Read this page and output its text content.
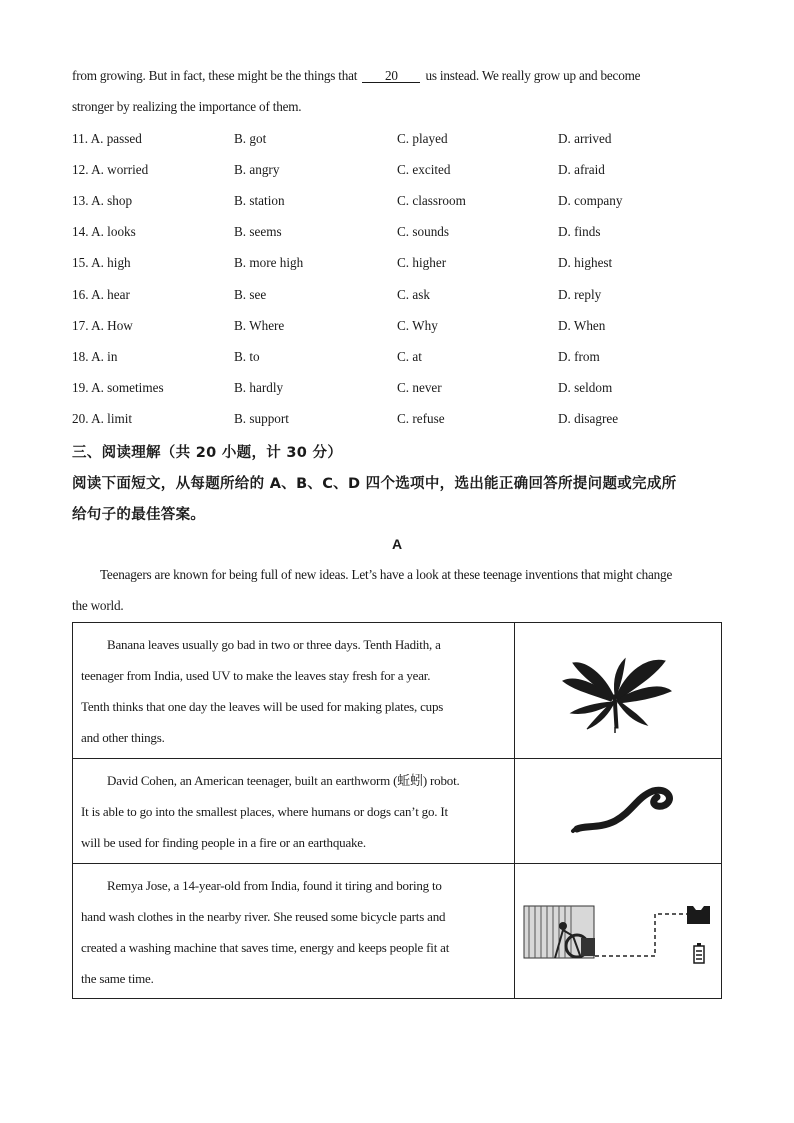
from growing. But in fact, these might be the things that 20 us instead. We really grow up and become
stronger by realizing the importance of them.
11. A. passed	B. got	C. played	D. arrived
12. A. worried	B. angry	C. excited	D. afraid
13. A. shop	B. station	C. classroom	D. company
14. A. looks	B. seems	C. sounds	D. finds
15. A. high	B. more high	C. higher	D. highest
16. A. hear	B. see	C. ask	D. reply
17. A. How	B. Where	C. Why	D. When
18. A. in	B. to	C. at	D. from
19. A. sometimes	B. hardly	C. never	D. seldom
20. A. limit	B. support	C. refuse	D. disagree
三、阅读理解（共 20 小题，计 30 分）
阅读下面短文，从每题所给的 A、B、C、D 四个选项中，选出能正确回答所提问题或完成所
给句子的最佳答案。
A
Teenagers are known for being full of new ideas. Let’s have a look at these teenage inventions that might change
the world.
Banana leaves usually go bad in two or three days. Tenth Hadith, a
teenager from India, used UV to make the leaves stay fresh for a year.
Tenth thinks that one day the leaves will be used for making plates, cups
and other things.

David Cohen, an American teenager, built an earthworm (蚯蚓) robot.
It is able to go into the smallest places, where humans or dogs can’t go. It
will be used for finding people in a fire or an earthquake.

Remya Jose, a 14-year-old from India, found it tiring and boring to
hand wash clothes in the nearby river. She reused some bicycle parts and
created a washing machine that saves time, energy and keeps people fit at
the same time.
